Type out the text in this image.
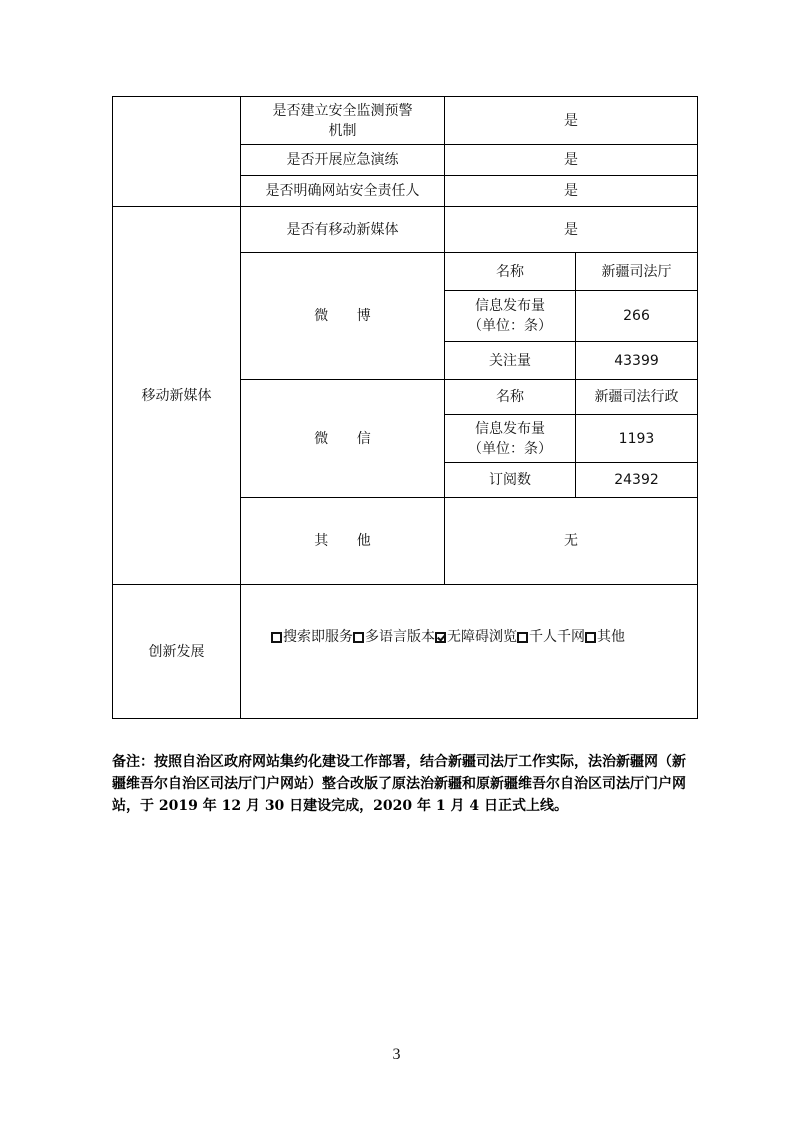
	是否建立安全监测预警
机制	是	
	是否开展应急演练	是	
	是否明确网站安全责任人	是	
移动新媒体	是否有移动新媒体	是	
	微 博	名称	新疆司法厅
		信息发布量
（单位：条）	266
		关注量	43399
	微 信	名称	新疆司法行政
		信息发布量
（单位：条）	1193
		订阅数	24392
	其 他	无	
创新发展	搜索即服务 多语言版本 无障碍浏览 千人千网 其他		
备注：按照自治区政府网站集约化建设工作部署，结合新疆司法厅工作实际，法治新疆网（新疆维吾尔自治区司法厅门户网站）整合改版了原法治新疆和原新疆维吾尔自治区司法厅门户网站，于 2019 年 12 月 30 日建设完成，2020 年 1 月 4 日正式上线。
3
